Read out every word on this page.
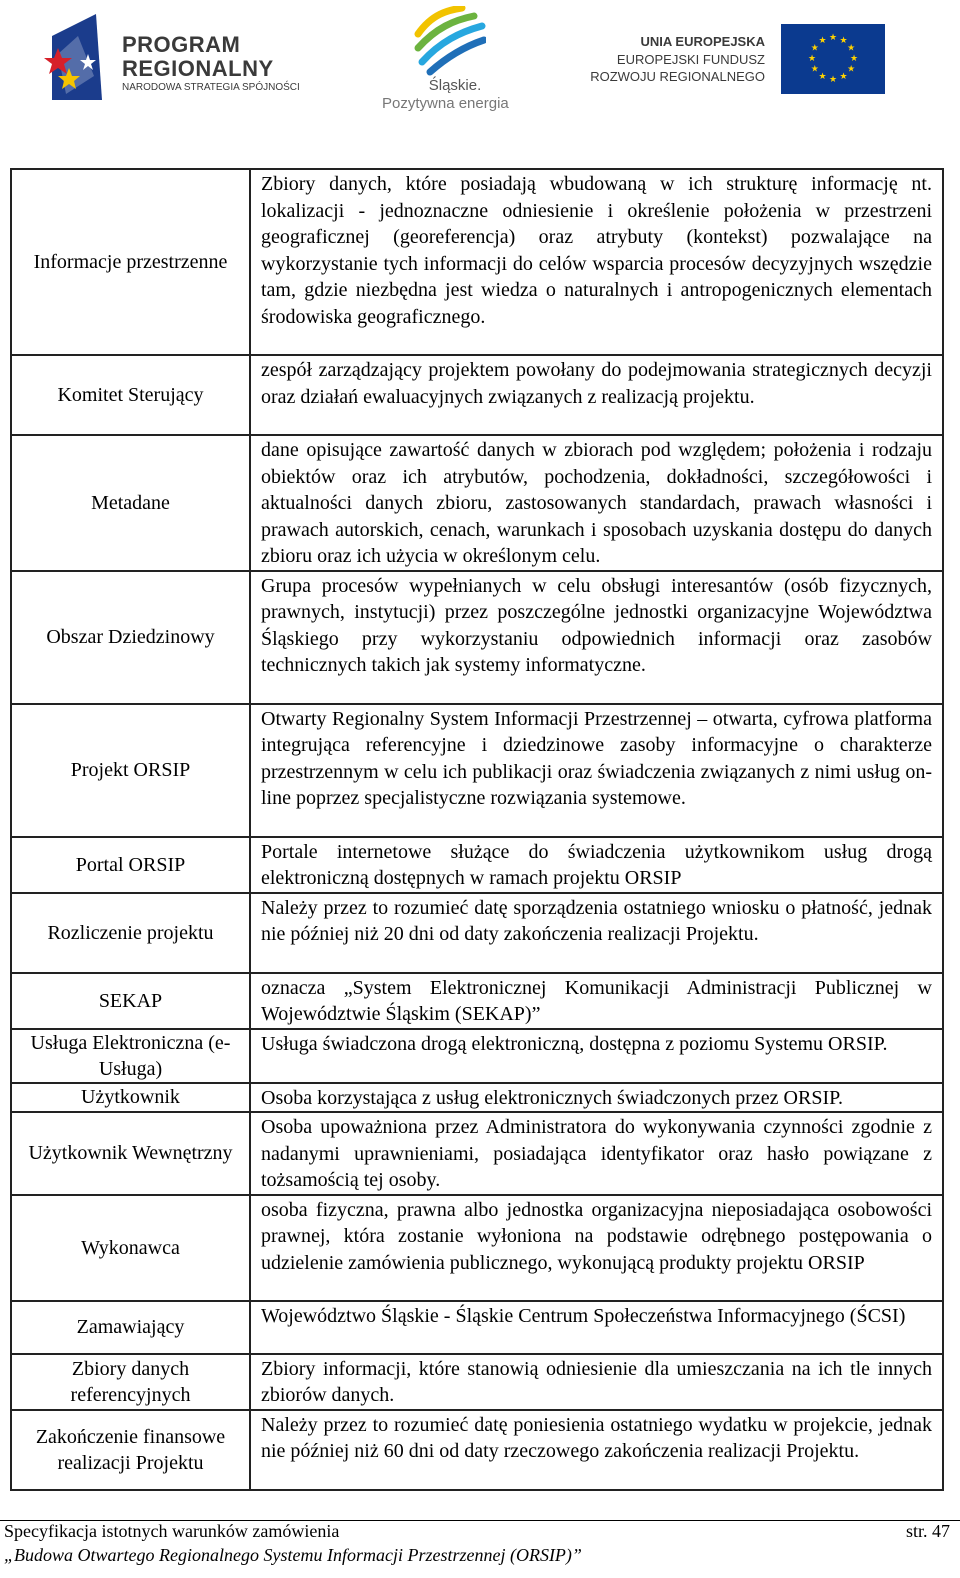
PROGRAM
REGIONALNY
NARODOWA STRATEGIA SPÓJNOŚCI	Śląskie.
Pozytywna energia
UNIA EUROPEJSKA
EUROPEJSKI FUNDUSZ
ROZWOJU REGIONALNEGO
★ ★
★
★
★
★
★
★
★
★
★
★
Informacje przestrzenne	Zbiory danych, które posiadają wbudowaną w ich strukturę informację nt. lokalizacji - jednoznaczne odniesienie i określenie położenia w przestrzeni geograficznej (georeferencja) oraz atrybuty (kontekst) pozwalające na wykorzystanie tych informacji do celów wsparcia procesów decyzyjnych wszędzie tam, gdzie niezbędna jest wiedza o naturalnych i antropogenicznych elementach środowiska geograficznego.
Komitet Sterujący	zespół zarządzający projektem powołany do podejmowania strategicznych decyzji oraz działań ewaluacyjnych związanych z realizacją projektu.
Metadane	dane opisujące zawartość danych w zbiorach pod względem; położenia i rodzaju obiektów oraz ich atrybutów, pochodzenia, dokładności, szczegółowości i aktualności danych zbioru, zastosowanych standardach, prawach własności i prawach autorskich, cenach, warunkach i sposobach uzyskania dostępu do danych zbioru oraz ich użycia w określonym celu.
Obszar Dziedzinowy	Grupa procesów wypełnianych w celu obsługi interesantów (osób fizycznych, prawnych, instytucji) przez poszczególne jednostki organizacyjne Województwa Śląskiego przy wykorzystaniu odpowiednich informacji oraz zasobów technicznych takich jak systemy informatyczne.
Projekt ORSIP	Otwarty Regionalny System Informacji Przestrzennej – otwarta, cyfrowa platforma integrująca referencyjne i dziedzinowe zasoby informacyjne o charakterze przestrzennym w celu ich publikacji oraz świadczenia związanych z nimi usług on-line poprzez specjalistyczne rozwiązania systemowe.
Portal ORSIP	Portale internetowe służące do świadczenia użytkownikom usług drogą elektroniczną dostępnych w ramach projektu ORSIP
Rozliczenie projektu	Należy przez to rozumieć datę sporządzenia ostatniego wniosku o płatność, jednak nie później niż 20 dni od daty zakończenia realizacji Projektu.
SEKAP	oznacza „System Elektronicznej Komunikacji Administracji Publicznej w Województwie Śląskim (SEKAP)”
Usługa Elektroniczna (e-Usługa)	Usługa świadczona drogą elektroniczną, dostępna z poziomu Systemu ORSIP.
Użytkownik	Osoba korzystająca z usług elektronicznych świadczonych przez ORSIP.
Użytkownik Wewnętrzny	Osoba upoważniona przez Administratora do wykonywania czynności zgodnie z nadanymi uprawnieniami, posiadająca identyfikator oraz hasło powiązane z tożsamością tej osoby.
Wykonawca	osoba fizyczna, prawna albo jednostka organizacyjna nieposiadająca osobowości prawnej, która zostanie wyłoniona na podstawie odrębnego postępowania o udzielenie zamówienia publicznego, wykonującą produkty projektu ORSIP
Zamawiający	Województwo Śląskie - Śląskie Centrum Społeczeństwa Informacyjnego (ŚCSI)
Zbiory danych referencyjnych	Zbiory informacji, które stanowią odniesienie dla umieszczania na ich tle innych zbiorów danych.
Zakończenie finansowe realizacji Projektu	Należy przez to rozumieć datę poniesienia ostatniego wydatku w projekcie, jednak nie później niż 60 dni od daty rzeczowego zakończenia realizacji Projektu.
Specyfikacja istotnych warunków zamówienia	str. 47
„Budowa Otwartego Regionalnego Systemu Informacji Przestrzennej (ORSIP)”
